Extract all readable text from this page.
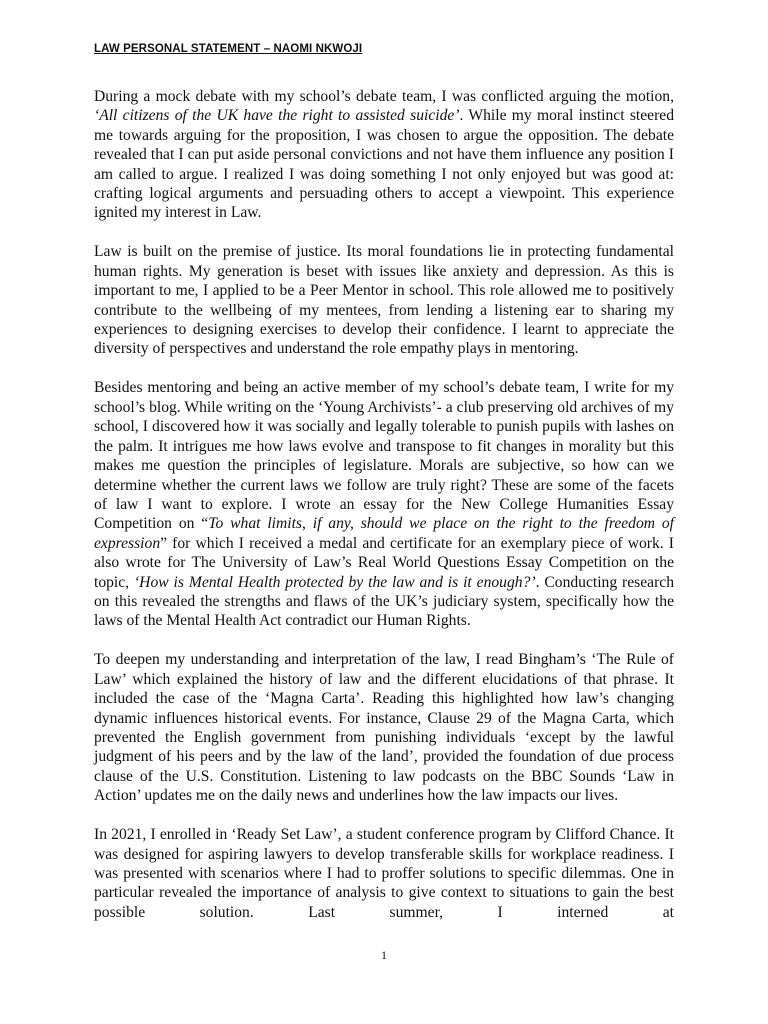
LAW PERSONAL STATEMENT – NAOMI NKWOJI

During a mock debate with my school’s debate team, I was conflicted arguing the motion, ‘All citizens of the UK have the right to assisted suicide’. While my moral instinct steered me towards arguing for the proposition, I was chosen to argue the opposition. The debate revealed that I can put aside personal convictions and not have them influence any position I am called to argue. I realized I was doing something I not only enjoyed but was good at: crafting logical arguments and persuading others to accept a viewpoint. This experience ignited my interest in Law.

Law is built on the premise of justice. Its moral foundations lie in protecting fundamental human rights. My generation is beset with issues like anxiety and depression. As this is important to me, I applied to be a Peer Mentor in school. This role allowed me to positively contribute to the wellbeing of my mentees, from lending a listening ear to sharing my experiences to designing exercises to develop their confidence. I learnt to appreciate the diversity of perspectives and understand the role empathy plays in mentoring.

Besides mentoring and being an active member of my school’s debate team, I write for my school’s blog. While writing on the ‘Young Archivists’- a club preserving old archives of my school, I discovered how it was socially and legally tolerable to punish pupils with lashes on the palm. It intrigues me how laws evolve and transpose to fit changes in morality but this makes me question the principles of legislature. Morals are subjective, so how can we determine whether the current laws we follow are truly right? These are some of the facets of law I want to explore. I wrote an essay for the New College Humanities Essay Competition on “To what limits, if any, should we place on the right to the freedom of expression” for which I received a medal and certificate for an exemplary piece of work. I also wrote for The University of Law’s Real World Questions Essay Competition on the topic, ‘How is Mental Health protected by the law and is it enough?’. Conducting research on this revealed the strengths and flaws of the UK’s judiciary system, specifically how the laws of the Mental Health Act contradict our Human Rights.

To deepen my understanding and interpretation of the law, I read Bingham’s ‘The Rule of Law’ which explained the history of law and the different elucidations of that phrase. It included the case of the ‘Magna Carta’. Reading this highlighted how law’s changing dynamic influences historical events. For instance, Clause 29 of the Magna Carta, which prevented the English government from punishing individuals ‘except by the lawful judgment of his peers and by the law of the land’, provided the foundation of due process clause of the U.S. Constitution. Listening to law podcasts on the BBC Sounds ‘Law in Action’ updates me on the daily news and underlines how the law impacts our lives.

In 2021, I enrolled in ‘Ready Set Law’, a student conference program by Clifford Chance. It was designed for aspiring lawyers to develop transferable skills for workplace readiness. I was presented with scenarios where I had to proffer solutions to specific dilemmas. One in particular revealed the importance of analysis to give context to situations to gain the best possible solution. Last summer, I interned at

1
